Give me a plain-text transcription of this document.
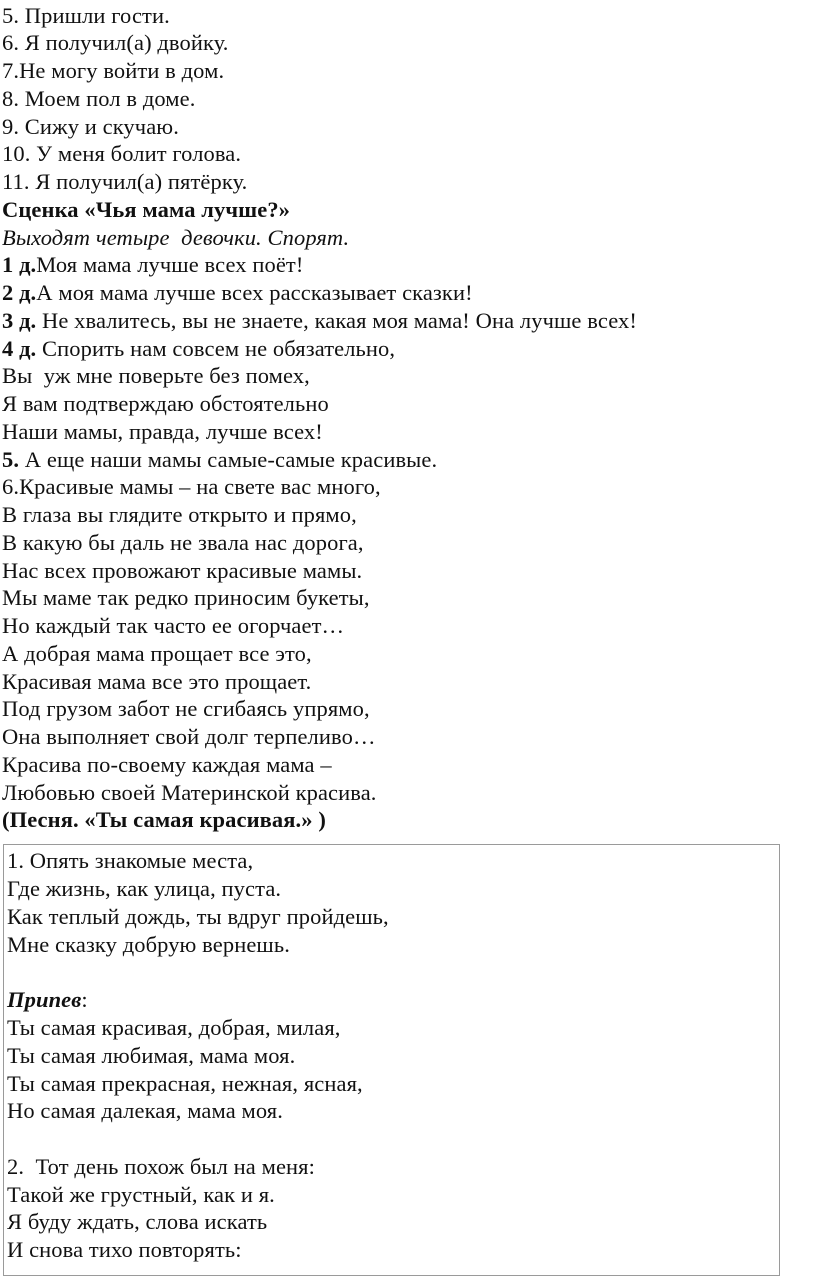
5. Пришли гости.
6. Я получил(а) двойку.
7.Не могу войти в дом.
8. Моем пол в доме.
9. Сижу и скучаю.
10. У меня болит голова.
11. Я получил(а) пятёрку.
Сценка «Чья мама лучше?»
Выходят четыре  девочки. Спорят.
1 д.Моя мама лучше всех поёт!
2 д.А моя мама лучше всех рассказывает сказки!
3 д. Не хвалитесь, вы не знаете, какая моя мама! Она лучше всех!
4 д. Спорить нам совсем не обязательно,
Вы  уж мне поверьте без помех,
Я вам подтверждаю обстоятельно
Наши мамы, правда, лучше всех!
5. А еще наши мамы самые-самые красивые.
6.Красивые мамы – на свете вас много,
В глаза вы глядите открыто и прямо,
В какую бы даль не звала нас дорога,
Нас всех провожают красивые мамы.
Мы маме так редко приносим букеты,
Но каждый так часто ее огорчает…
А добрая мама прощает все это,
Красивая мама все это прощает.
Под грузом забот не сгибаясь упрямо,
Она выполняет свой долг терпеливо…
Красива по-своему каждая мама –
Любовью своей Материнской красива.
(Песня. «Ты самая красивая.» )
1. Опять знакомые места,
Где жизнь, как улица, пуста.
Как теплый дождь, ты вдруг пройдешь,
Мне сказку добрую вернешь.
Припев:
Ты самая красивая, добрая, милая,
Ты самая любимая, мама моя.
Ты самая прекрасная, нежная, ясная,
Но самая далекая, мама моя.
2.  Тот день похож был на меня:
Такой же грустный, как и я.
Я буду ждать, слова искать
И снова тихо повторять:
